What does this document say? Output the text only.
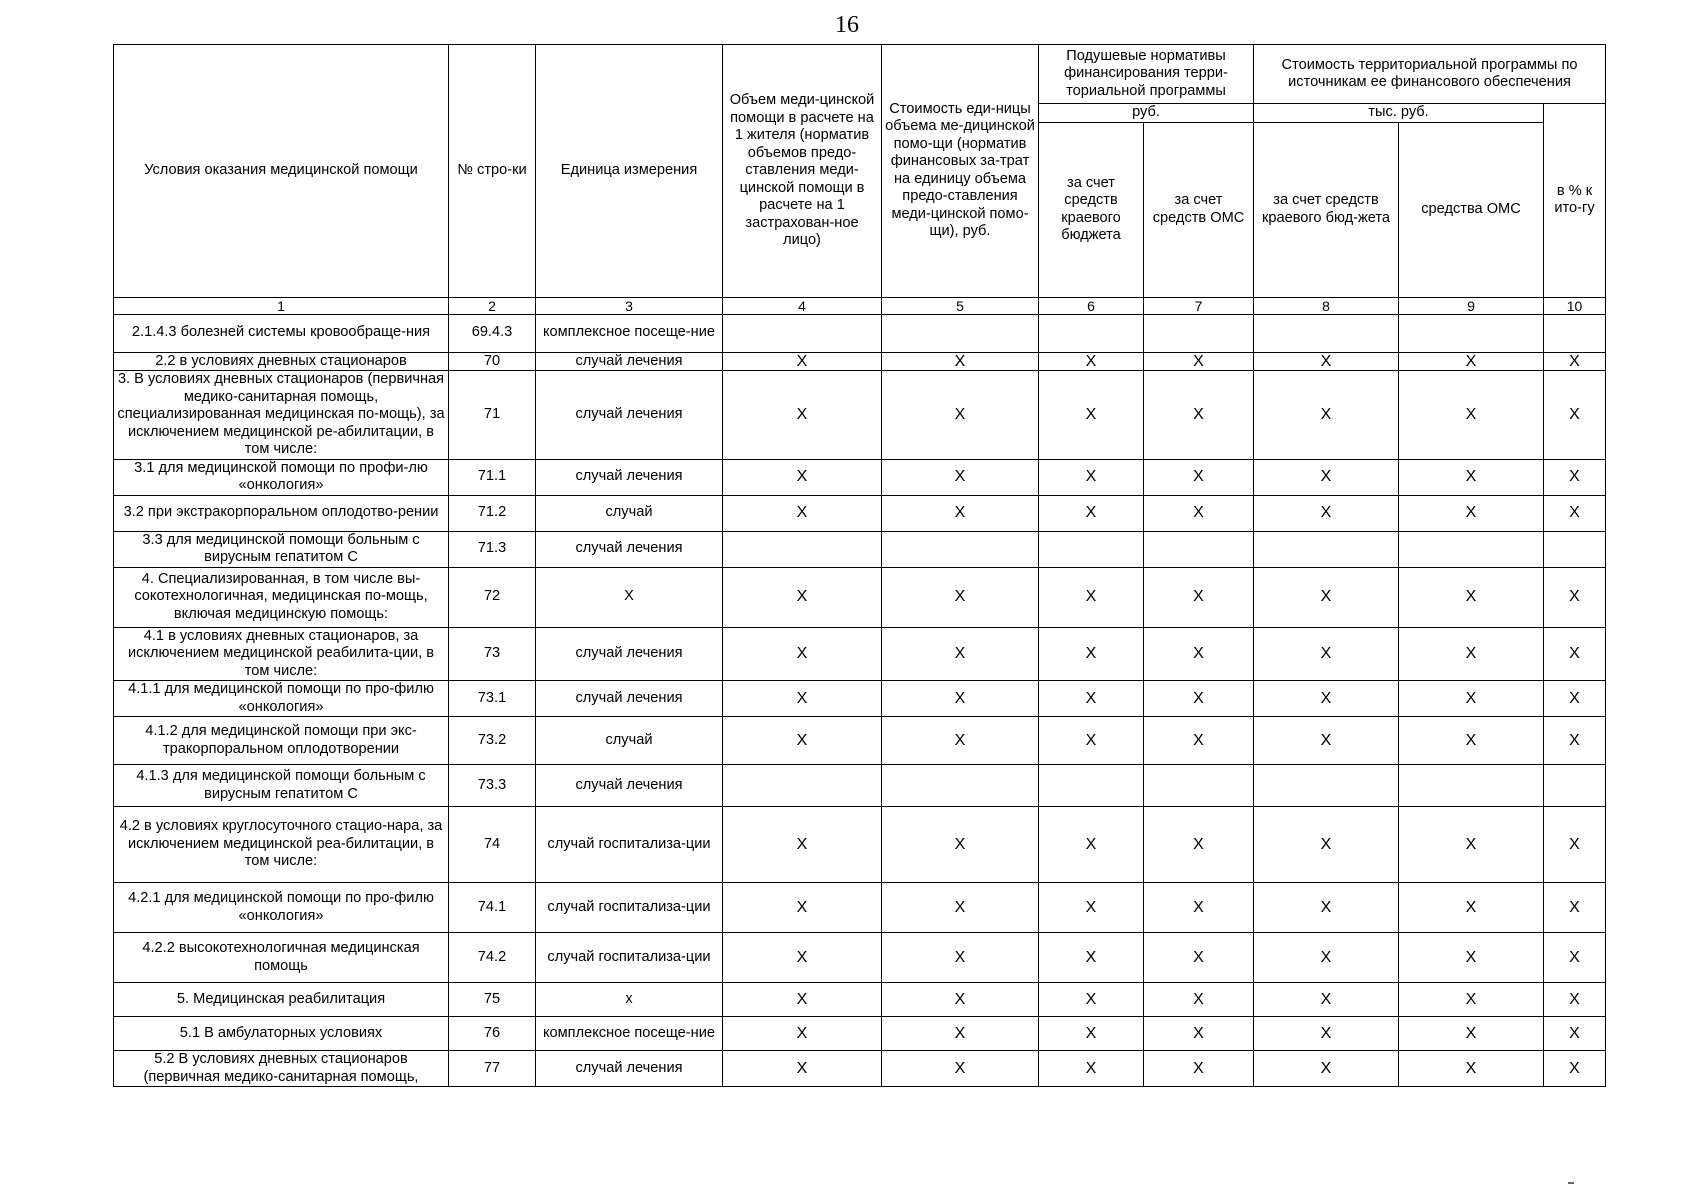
16
Условия оказания медицинской помощи	№ стро-ки	Единица измерения	Объем меди-цинской помощи в расчете на 1 жителя (норматив объемов предо-ставления меди-цинской помощи в расчете на 1 застрахован-ное лицо)	Стоимость еди-ницы объема ме-дицинской помо-щи (норматив финансовых за-трат на единицу объема предо-ставления меди-цинской помо-щи), руб.	Подушевые нормативы финансирования терри-ториальной программы		Стоимость территориальной программы по источникам ее финансового обеспечения		
					руб.		тыс. руб.		в % к ито-гу
					за счет средств краевого бюджета	за счет средств ОМС	за счет средств краевого бюд-жета	средства ОМС	
1	2	3	4	5	6	7	8	9	10
2.1.4.3 болезней системы кровообраще-ния	69.4.3	комплексное посеще-ние							
2.2 в условиях дневных стационаров	70	случай лечения	X	X	X	X	X	X	X
3. В условиях дневных стационаров (первичная медико-санитарная помощь, специализированная медицинская по-мощь), за исключением медицинской ре-абилитации, в том числе:	71	случай лечения	X	X	X	X	X	X	X
3.1 для медицинской помощи по профи-лю «онкология»	71.1	случай лечения	X	X	X	X	X	X	X
3.2 при экстракорпоральном оплодотво-рении	71.2	случай	X	X	X	X	X	X	X
3.3 для медицинской помощи больным с вирусным гепатитом С	71.3	случай лечения							
4. Специализированная, в том числе вы-сокотехнологичная, медицинская по-мощь, включая медицинскую помощь:	72	X	X	X	X	X	X	X	X
4.1 в условиях дневных стационаров, за исключением медицинской реабилита-ции, в том числе:	73	случай лечения	X	X	X	X	X	X	X
4.1.1 для медицинской помощи по про-филю «онкология»	73.1	случай лечения	X	X	X	X	X	X	X
4.1.2 для медицинской помощи при экс-тракорпоральном оплодотворении	73.2	случай	X	X	X	X	X	X	X
4.1.3 для медицинской помощи больным с вирусным гепатитом С	73.3	случай лечения							
4.2 в условиях круглосуточного стацио-нара, за исключением медицинской реа-билитации, в том числе:	74	случай госпитализа-ции	X	X	X	X	X	X	X
4.2.1 для медицинской помощи по про-филю «онкология»	74.1	случай госпитализа-ции	X	X	X	X	X	X	X
4.2.2 высокотехнологичная медицинская помощь	74.2	случай госпитализа-ции	X	X	X	X	X	X	X
5. Медицинская реабилитация	75	x	X	X	X	X	X	X	X
5.1 В амбулаторных условиях	76	комплексное посеще-ние	X	X	X	X	X	X	X
5.2 В условиях дневных стационаров (первичная медико-санитарная помощь,	77	случай лечения	X	X	X	X	X	X	X
